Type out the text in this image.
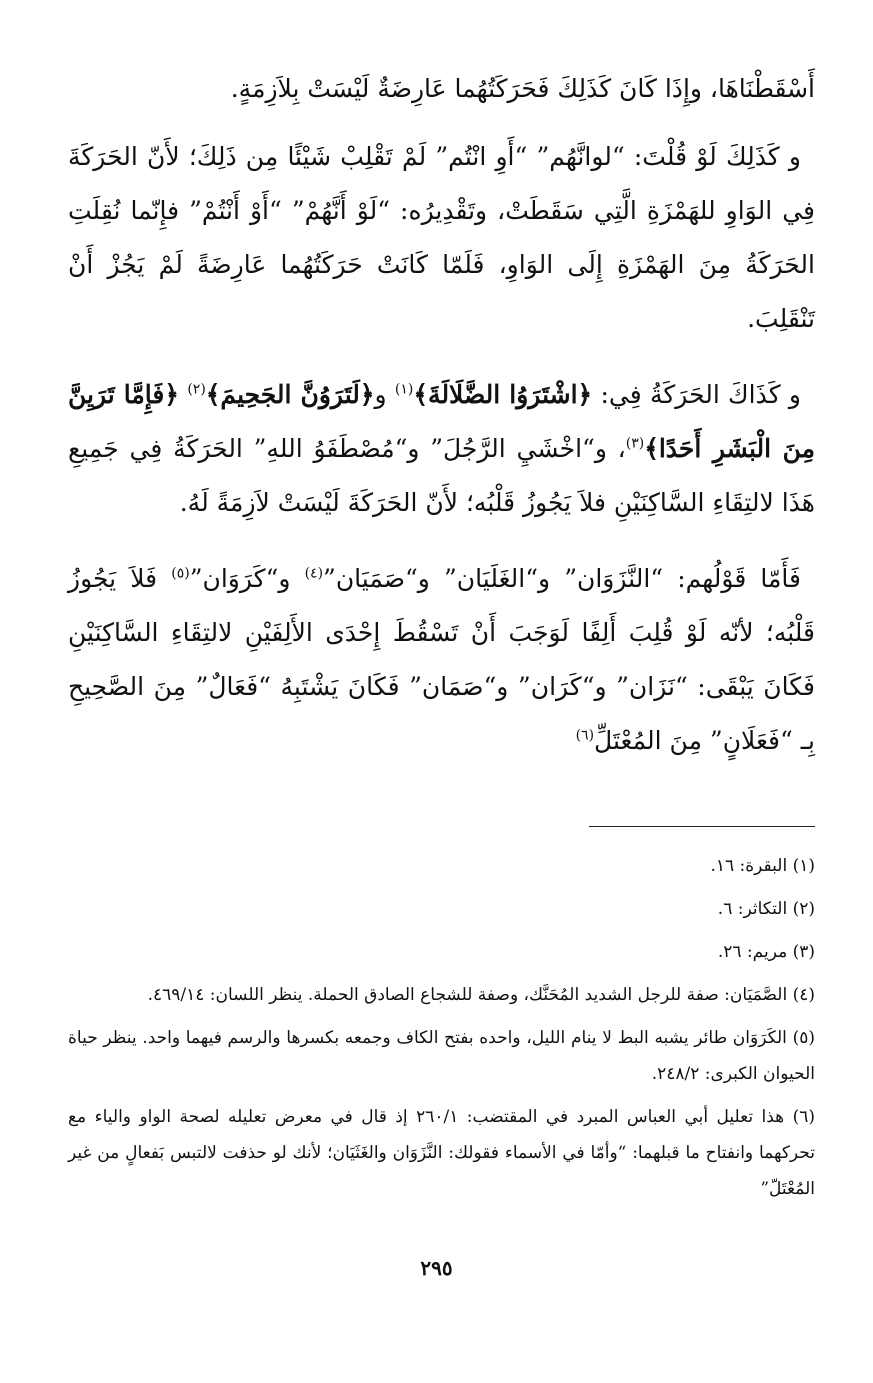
أَسْقَطْنَاهَا، وإِذَا كَانَ كَذَلِكَ فَحَرَكَتُهُما عَارِضَةٌ لَيْسَتْ بِلاَزِمَةٍ.

و كَذَلِكَ لَوْ قُلْتَ: “لوانَّهُم” “أَوِ انْتُم” لَمْ تَقْلِبْ شَيْئًا مِن ذَلِكَ؛ لأَنّ الحَرَكَةَ فِي الوَاوِ للهَمْزَةِ الَّتِي سَقَطَتْ، وتَقْدِيرُه: “لَوْ أَنَّهُمْ” “أَوْ أَنْتُمْ” فإِنّما نُقِلَتِ الحَرَكَةُ مِنَ الهَمْزَةِ إِلَى الوَاوِ، فَلَمّا كَانَتْ حَرَكَتُهُما عَارِضَةً لَمْ يَجُزْ أَنْ تَنْقَلِبَ.

و كَذَاكَ الحَرَكَةُ فِي: ﴿اشْتَرَوُا الضَّلَالَةَ﴾$^{(١)}$ و﴿لَتَرَوُنَّ الجَحِيمَ﴾$^{(٢)}$ ﴿فَإِمَّا تَرَيِنَّ مِنَ الْبَشَرِ أَحَدًا﴾$^{(٣)}$، و“اخْشَيِ الرَّجُلَ” و“مُصْطَفَوُ اللهِ” الحَرَكَةُ فِي جَمِيعِ هَذَا لالتِقَاءِ السَّاكِنَيْنِ فلاَ يَجُوزُ قَلْبُه؛ لأَنّ الحَرَكَةَ لَيْسَتْ لاَزِمَةً لَهُ.

فَأَمّا قَوْلُهم: “النَّزَوَان” و“الغَلَيَان” و“صَمَيَان”$^{(٤)}$ و“كَرَوَان”$^{(٥)}$ فَلاَ يَجُوزُ قَلْبُه؛ لأنّه لَوْ قُلِبَ أَلِفًا لَوَجَبَ أَنْ تَسْقُطَ إِحْدَى الأَلِفَيْنِ لالتِقَاءِ السَّاكِنَيْنِ فَكَانَ يَبْقَى: “نَزَان” و“كَرَان” و“صَمَان” فَكَانَ يَشْتَبِهُ “فَعَالٌ” مِنَ الصَّحِيحِ بِـ “فَعَلَانٍ” مِنَ المُعْتَلِّ$^{(٦)}$

(١) البقرة: ١٦.
(٢) التكاثر: ٦.
(٣) مريم: ٢٦.
(٤) الصَّمَيَان: صفة للرجل الشديد المُحَنَّك، وصفة للشجاع الصادق الحملة. ينظر اللسان: ٤٦٩/١٤.
(٥) الكَرَوَان طائر يشبه البط لا ينام الليل، واحده بفتح الكاف وجمعه بكسرها والرسم فيهما واحد. ينظر حياة الحيوان الكبرى: ٢٤٨/٢.
(٦) هذا تعليل أبي العباس المبرد في المقتضب: ٢٦٠/١ إذ قال في معرض تعليله لصحة الواو والياء مع تحركهما وانفتاح ما قبلهما: “وأمّا في الأسماء فقولك: النَّزَوَان والغَثَيَان؛ لأنك لو حذفت لالتبس بَفعالٍ من غير المُعْتَلّ”
٢٩٥
